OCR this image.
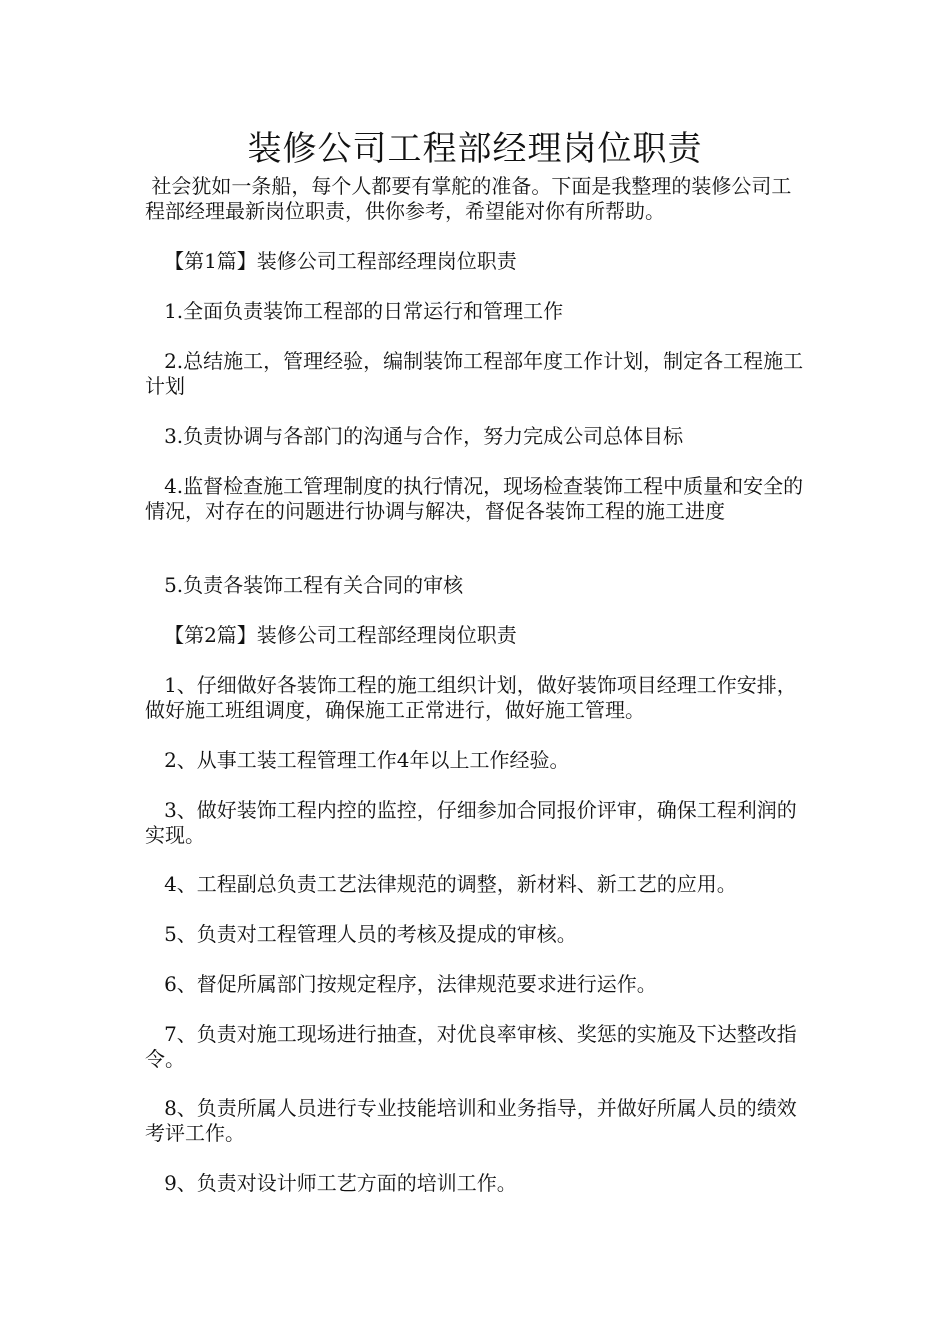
装修公司工程部经理岗位职责

社会犹如一条船，每个人都要有掌舵的准备。下面是我整理的装修公司工程部经理最新岗位职责，供你参考，希望能对你有所帮助。

【第1篇】装修公司工程部经理岗位职责

1.全面负责装饰工程部的日常运行和管理工作

2.总结施工，管理经验，编制装饰工程部年度工作计划，制定各工程施工计划

3.负责协调与各部门的沟通与合作，努力完成公司总体目标

4.监督检查施工管理制度的执行情况，现场检查装饰工程中质量和安全的情况，对存在的问题进行协调与解决，督促各装饰工程的施工进度

5.负责各装饰工程有关合同的审核

【第2篇】装修公司工程部经理岗位职责

1、仔细做好各装饰工程的施工组织计划，做好装饰项目经理工作安排，做好施工班组调度，确保施工正常进行，做好施工管理。

2、从事工装工程管理工作4年以上工作经验。

3、做好装饰工程内控的监控，仔细参加合同报价评审，确保工程利润的实现。

4、工程副总负责工艺法律规范的调整，新材料、新工艺的应用。

5、负责对工程管理人员的考核及提成的审核。

6、督促所属部门按规定程序，法律规范要求进行运作。

7、负责对施工现场进行抽查，对优良率审核、奖惩的实施及下达整改指令。

8、负责所属人员进行专业技能培训和业务指导，并做好所属人员的绩效考评工作。

9、负责对设计师工艺方面的培训工作。
